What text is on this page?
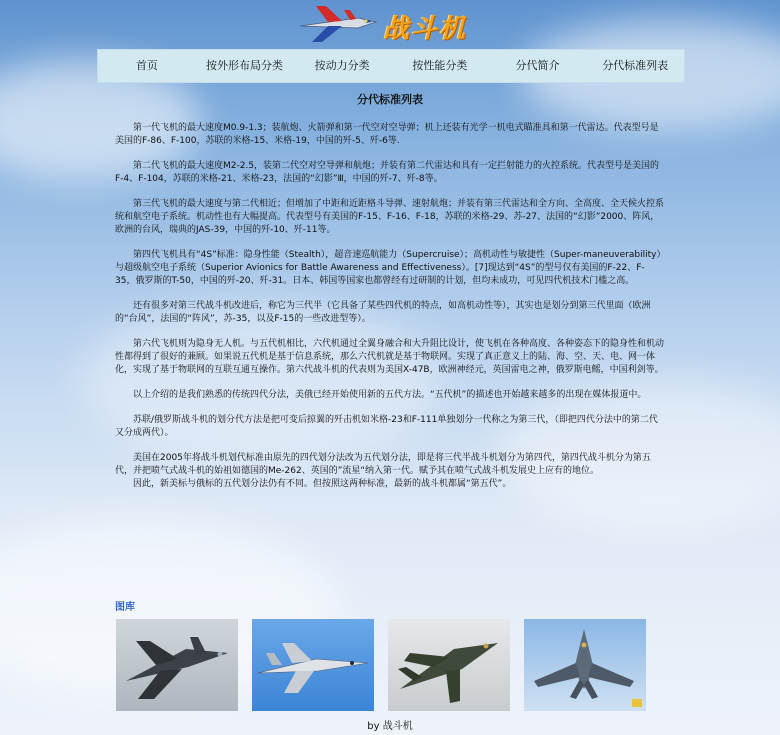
战斗机
首页	按外形布局分类	按动力分类	按性能分类	分代简介	分代标准列表
分代标准列表

第一代飞机的最大速度M0.9-1.3；装航炮、火箭弹和第一代空对空导弹；机上还装有光学一机电式瞄准具和第一代雷达。代表型号是美国的F-86、F-100，苏联的米格-15、米格-19，中国的歼-5、歼-6等.

第二代飞机的最大速度M2-2.5，装第二代空对空导弹和航炮；并装有第二代雷达和具有一定拦射能力的火控系统。代表型号是美国的F-4、F-104，苏联的米格-21、米格-23，法国的“幻影”Ⅲ，中国的歼-7、歼-8等。

第三代飞机的最大速度与第二代相近；但增加了中距和近距格斗导弹、速射航炮；并装有第三代雷达和全方向、全高度、全天候火控系统和航空电子系统。机动性也有大幅提高。代表型号有美国的F-15、F-16、F-18，苏联的米格-29、苏-27、法国的“幻影”2000、阵风，欧洲的台风，瑞典的JAS-39，中国的歼-10、歼-11等。

第四代飞机具有“4S”标准：隐身性能（Stealth），超音速巡航能力（Supercruise）；高机动性与敏捷性（Super-maneuverability）与超级航空电子系统（Superior Avionics for Battle Awareness and Effectiveness）。[7]现达到“4S”的型号仅有美国的F-22、F-35，俄罗斯的T-50，中国的歼-20、歼-31。日本、韩国等国家也都曾经有过研制的计划，但均未成功，可见四代机技术门槛之高。

还有很多对第三代战斗机改进后，称它为三代半（它具备了某些四代机的特点，如高机动性等），其实也是划分到第三代里面（欧洲的“台风”，法国的“阵风”，苏-35，以及F-15的一些改进型等）。

第六代飞机则为隐身无人机。与五代机相比，六代机通过全翼身融合和大升阻比设计，使飞机在各种高度、各种姿态下的隐身性和机动性都得到了很好的兼顾。如果说五代机是基于信息系统，那么六代机就是基于物联网。实现了真正意义上的陆、海、空、天、电、网一体化，实现了基于物联网的互联互通互操作。第六代战斗机的代表则为美国X-47B，欧洲神经元，英国雷电之神，俄罗斯电鳐，中国利剑等。

以上介绍的是我们熟悉的传统四代分法，美俄已经开始使用新的五代方法。“五代机”的描述也开始越来越多的出现在媒体报道中。

苏联/俄罗斯战斗机的划分代方法是把可变后掠翼的歼击机如米格-23和F-111单独划分一代称之为第三代，（即把四代分法中的第二代又分成两代）。

美国在2005年将战斗机划代标准由原先的四代划分法改为五代划分法，即是将三代半战斗机划分为第四代，第四代战斗机分为第五代，并把喷气式战斗机的始祖如德国的Me-262、英国的”流星“纳入第一代。赋予其在喷气式战斗机发展史上应有的地位。

因此，新美标与俄标的五代划分法仍有不同。但按照这两种标准，最新的战斗机都属“第五代”。

图库
by 战斗机
